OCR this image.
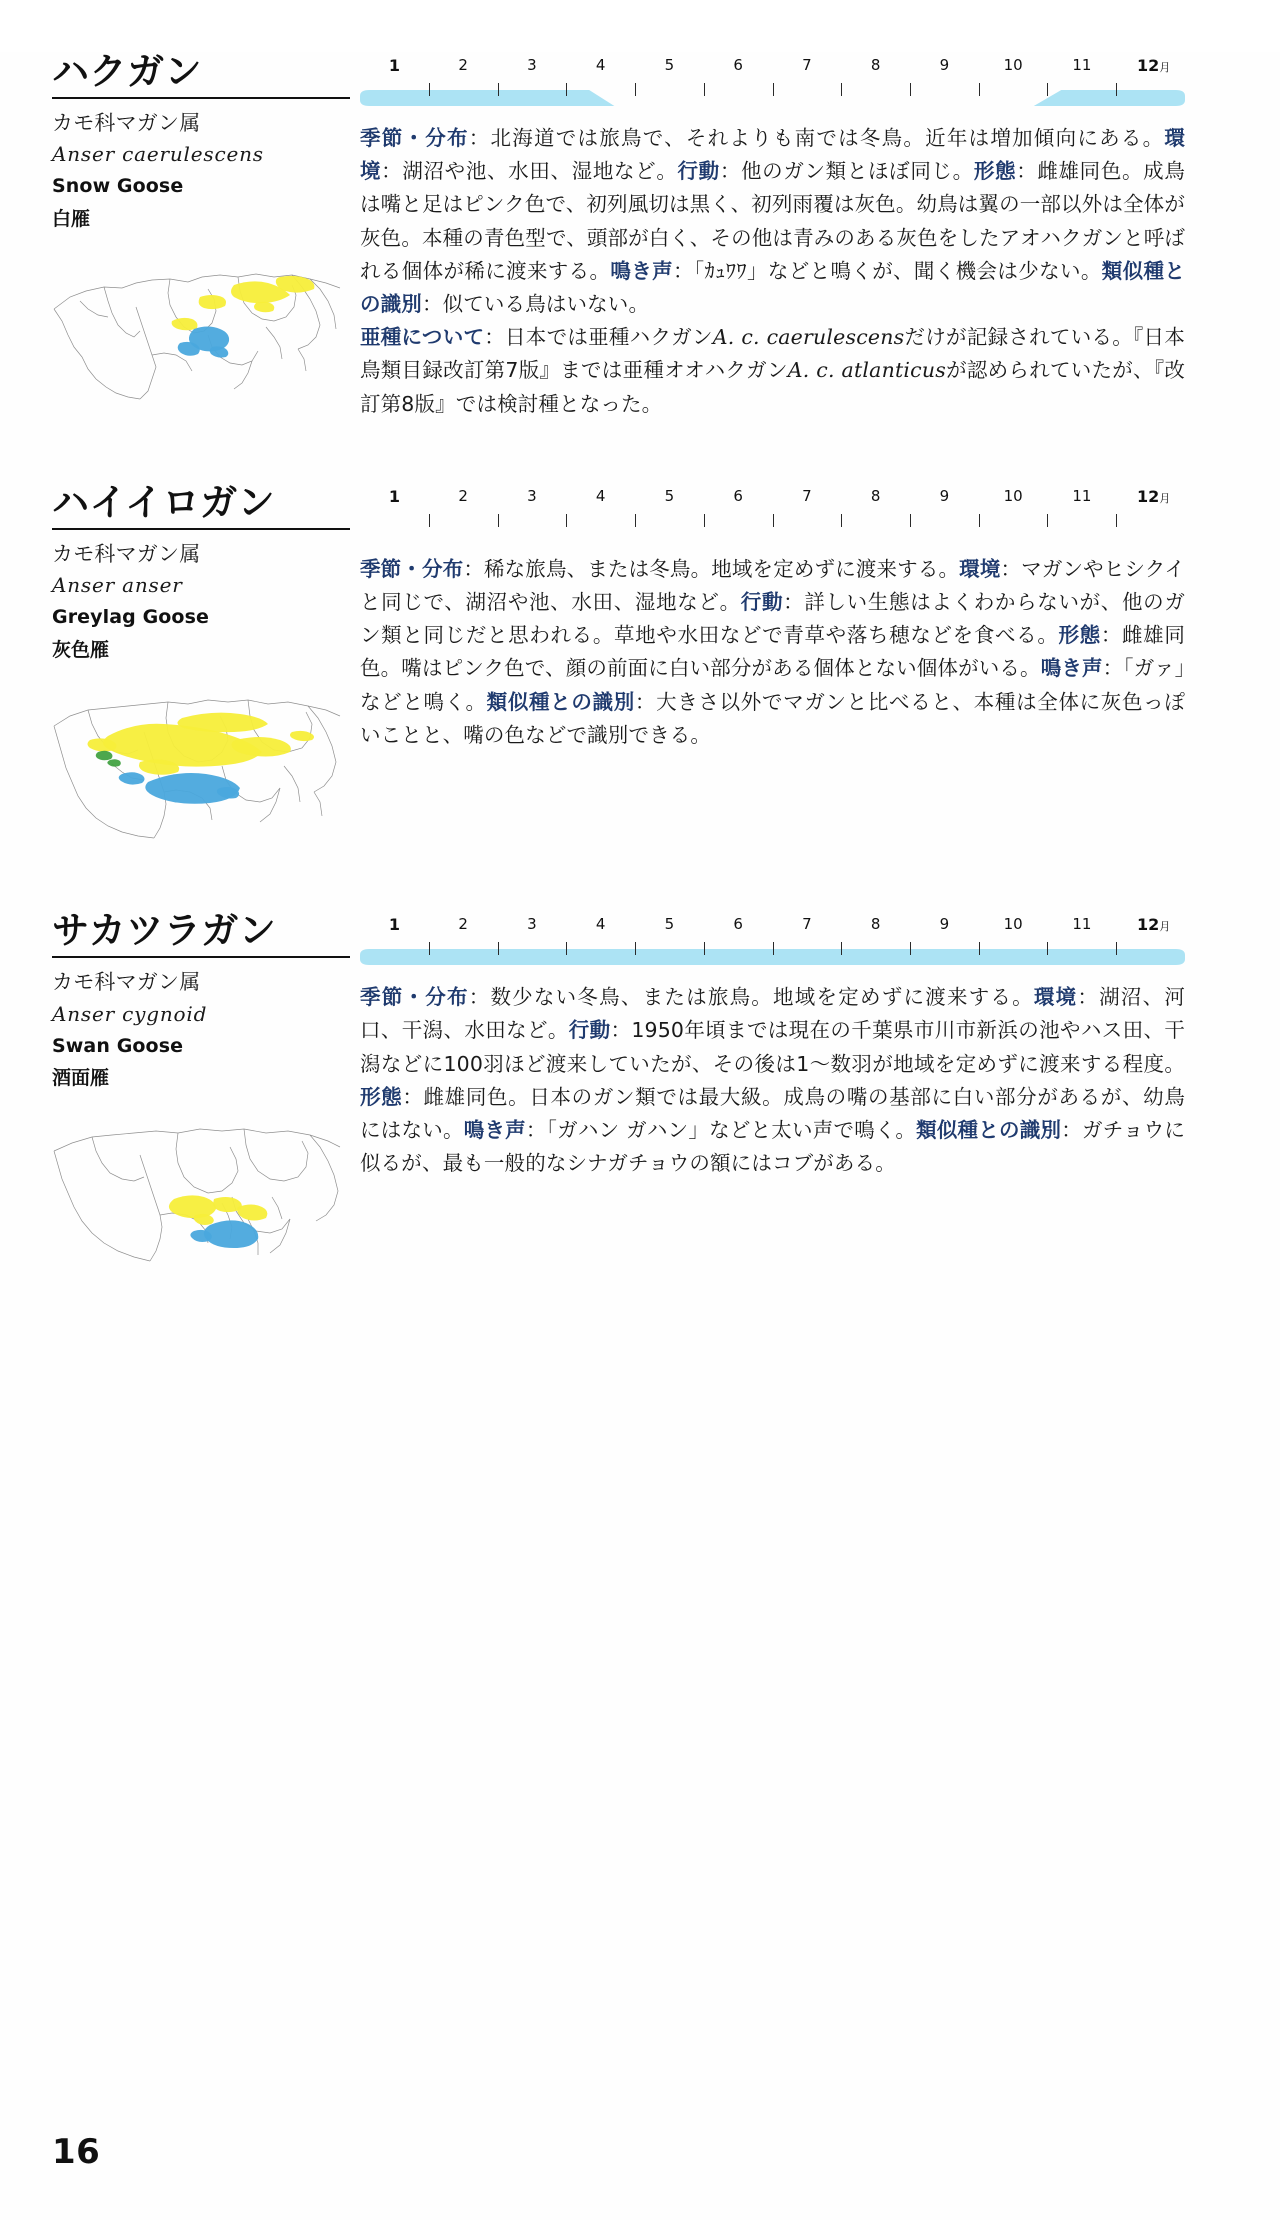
ハクガン
カモ科マガン属
Anser caerulescens
Snow Goose
白雁
1	2	3	4	5	6	7	8	9	10	11	12月

季節・分布：北海道では旅鳥で、それよりも南では冬鳥。近年は増加傾向にある。環境：湖沼や池、水田、湿地など。行動：他のガン類とほぼ同じ。形態：雌雄同色。成鳥は嘴と足はピンク色で、初列風切は黒く、初列雨覆は灰色。幼鳥は翼の一部以外は全体が灰色。本種の青色型で、頭部が白く、その他は青みのある灰色をしたアオハクガンと呼ばれる個体が稀に渡来する。鳴き声：「ｶｭﾜﾜ」などと鳴くが、聞く機会は少ない。類似種との識別：似ている鳥はいない。

亜種について：日本では亜種ハクガンA. c. caerulescensだけが記録されている。『日本鳥類目録改訂第7版』までは亜種オオハクガンA. c. atlanticusが認められていたが、『改訂第8版』では検討種となった。

ハイイロガン
カモ科マガン属
Anser anser
Greylag Goose
灰色雁
1	2	3	4	5	6	7	8	9	10	11	12月

季節・分布：稀な旅鳥、または冬鳥。地域を定めずに渡来する。環境：マガンやヒシクイと同じで、湖沼や池、水田、湿地など。行動：詳しい生態はよくわからないが、他のガン類と同じだと思われる。草地や水田などで青草や落ち穂などを食べる。形態：雌雄同色。嘴はピンク色で、顔の前面に白い部分がある個体とない個体がいる。鳴き声：「ガァ」などと鳴く。類似種との識別：大きさ以外でマガンと比べると、本種は全体に灰色っぽいことと、嘴の色などで識別できる。

サカツラガン
カモ科マガン属
Anser cygnoid
Swan Goose
酒面雁
1	2	3	4	5	6	7	8	9	10	11	12月

季節・分布：数少ない冬鳥、または旅鳥。地域を定めずに渡来する。環境：湖沼、河口、干潟、水田など。行動：1950年頃までは現在の千葉県市川市新浜の池やハス田、干潟などに100羽ほど渡来していたが、その後は1〜数羽が地域を定めずに渡来する程度。形態：雌雄同色。日本のガン類では最大級。成鳥の嘴の基部に白い部分があるが、幼鳥にはない。鳴き声：「ガハン ガハン」などと太い声で鳴く。類似種との識別：ガチョウに似るが、最も一般的なシナガチョウの額にはコブがある。

16
